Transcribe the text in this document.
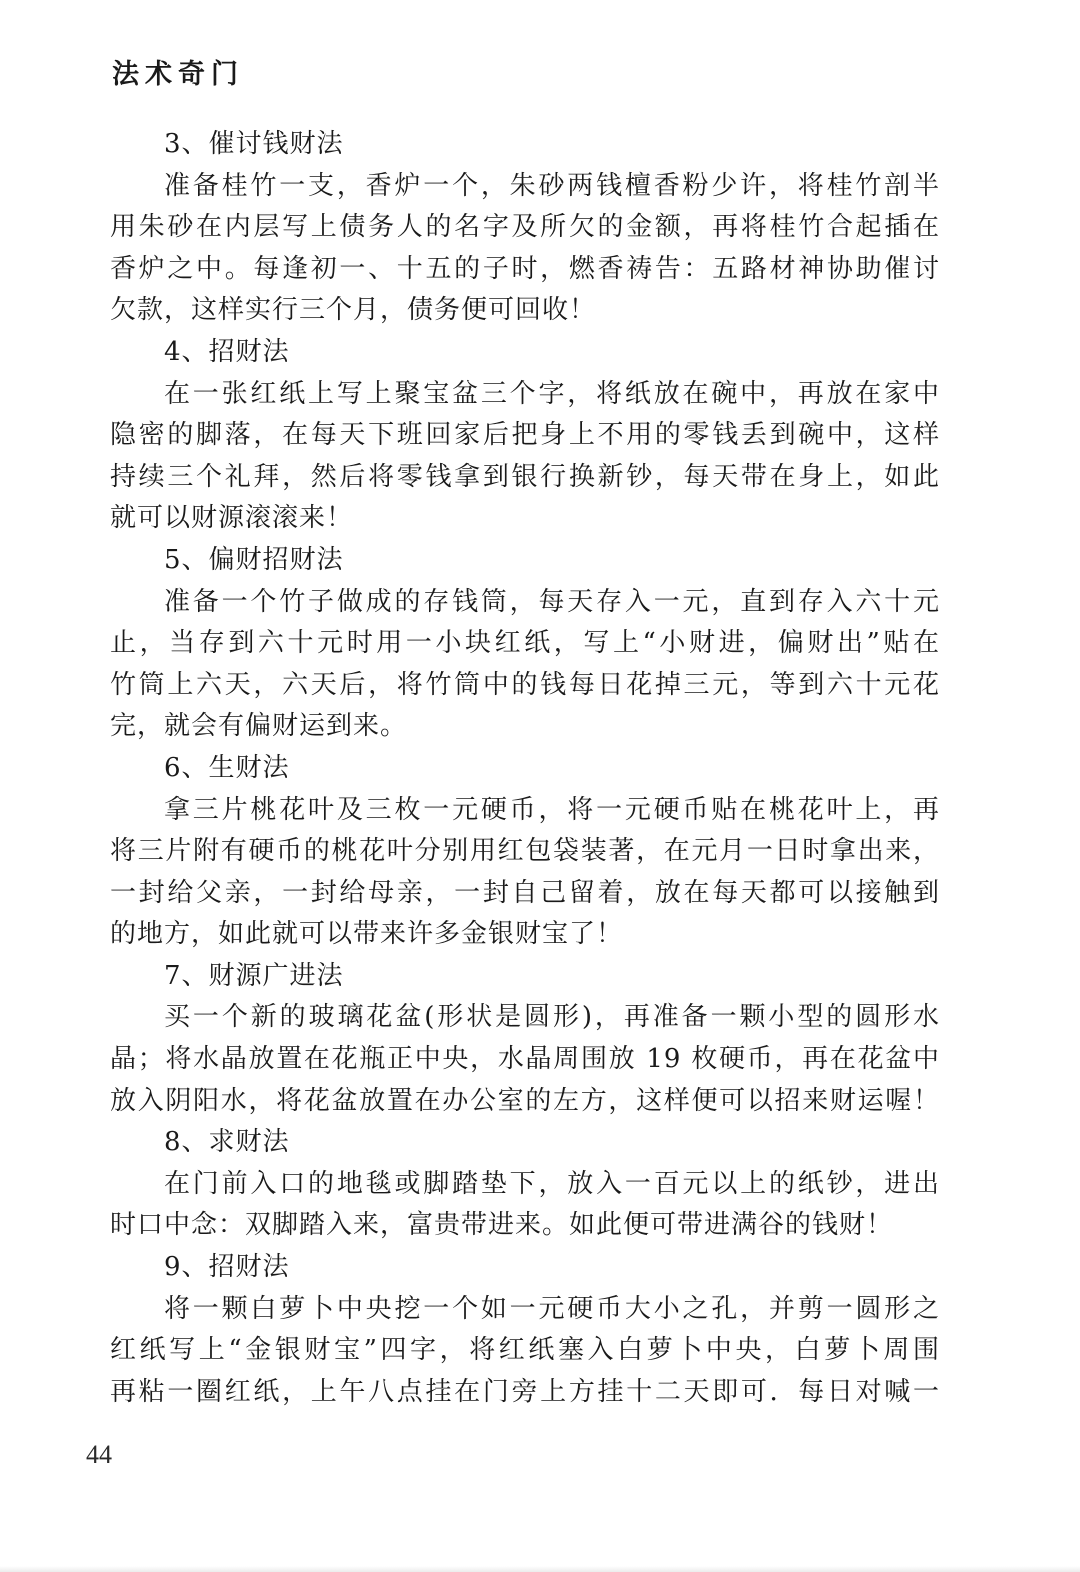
法术奇门
3、催讨钱财法
准备桂竹一支，香炉一个，朱砂两钱檀香粉少许，将桂竹剖半
用朱砂在内层写上债务人的名字及所欠的金额，再将桂竹合起插在
香炉之中。每逢初一、十五的子时，燃香祷告：五路材神协助催讨
欠款，这样实行三个月，债务便可回收！
4、招财法
在一张红纸上写上聚宝盆三个字，将纸放在碗中，再放在家中
隐密的脚落，在每天下班回家后把身上不用的零钱丢到碗中，这样
持续三个礼拜，然后将零钱拿到银行换新钞，每天带在身上，如此
就可以财源滚滚来！
5、偏财招财法
准备一个竹子做成的存钱筒，每天存入一元，直到存入六十元
止，当存到六十元时用一小块红纸，写上“小财进，偏财出”贴在
竹筒上六天，六天后，将竹筒中的钱每日花掉三元，等到六十元花
完，就会有偏财运到来。
6、生财法
拿三片桃花叶及三枚一元硬币，将一元硬币贴在桃花叶上，再
将三片附有硬币的桃花叶分别用红包袋装著，在元月一日时拿出来，
一封给父亲，一封给母亲，一封自己留着，放在每天都可以接触到
的地方，如此就可以带来许多金银财宝了！
7、财源广进法
买一个新的玻璃花盆(形状是圆形)，再准备一颗小型的圆形水
晶；将水晶放置在花瓶正中央，水晶周围放 19 枚硬币，再在花盆中
放入阴阳水，将花盆放置在办公室的左方，这样便可以招来财运喔！
8、求财法
在门前入口的地毯或脚踏垫下，放入一百元以上的纸钞，进出
时口中念：双脚踏入来，富贵带进来。如此便可带进满谷的钱财！
9、招财法
将一颗白萝卜中央挖一个如一元硬币大小之孔，并剪一圆形之
红纸写上“金银财宝”四字，将红纸塞入白萝卜中央，白萝卜周围
再粘一圈红纸，上午八点挂在门旁上方挂十二天即可．每日对喊一
44
